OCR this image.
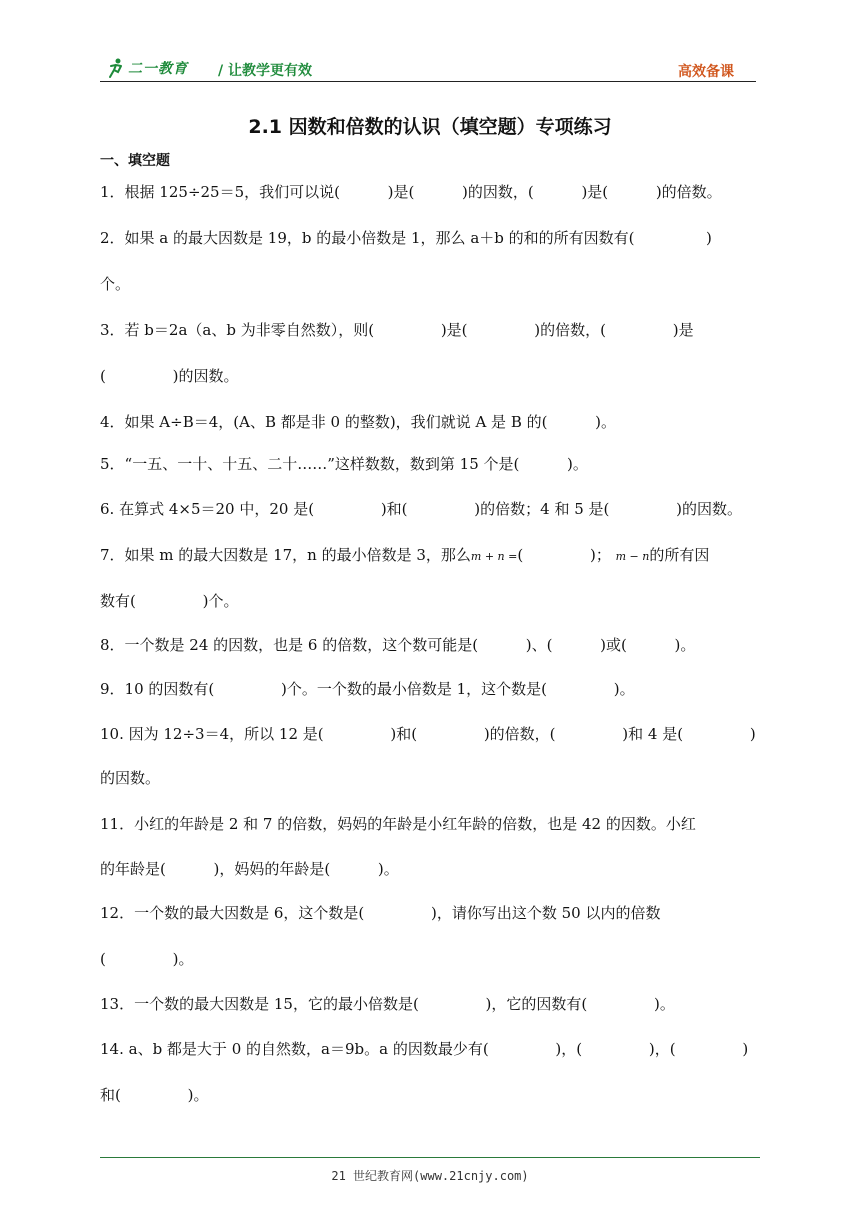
二一教育 / 让教学更有效	高效备课
2.1 因数和倍数的认识（填空题）专项练习
一、填空题
1．根据 125÷25＝5，我们可以说(          )是(          )的因数，(          )是(          )的倍数。
2．如果 a 的最大因数是 19，b 的最小倍数是 1，那么 a＋b 的和的所有因数有(               )
个。
3．若 b＝2a（a、b 为非零自然数），则(              )是(              )的倍数，(              )是
(              )的因数。
4．如果 A÷B＝4，(A、B 都是非 0 的整数)，我们就说 A 是 B 的(          )。
5．“一五、一十、十五、二十……”这样数数，数到第 15 个是(          )。
6. 在算式 4×5＝20 中，20 是(              )和(              )的倍数；4 和 5 是(              )的因数。
7．如果 m 的最大因数是 17，n 的最小倍数是 3，那么m + n =(              )； m − n的所有因
数有(              )个。
8．一个数是 24 的因数，也是 6 的倍数，这个数可能是(          )、(          )或(          )。
9．10 的因数有(              )个。一个数的最小倍数是 1，这个数是(              )。
10. 因为 12÷3＝4，所以 12 是(              )和(              )的倍数，(              )和 4 是(              )
的因数。
11．小红的年龄是 2 和 7 的倍数，妈妈的年龄是小红年龄的倍数，也是 42 的因数。小红
的年龄是(          )，妈妈的年龄是(          )。
12．一个数的最大因数是 6，这个数是(              )，请你写出这个数 50 以内的倍数
(              )。
13．一个数的最大因数是 15，它的最小倍数是(              )，它的因数有(              )。
14. a、b 都是大于 0 的自然数，a＝9b。a 的因数最少有(              )，(              )，(              )
和(              )。
21 世纪教育网(www.21cnjy.com)
